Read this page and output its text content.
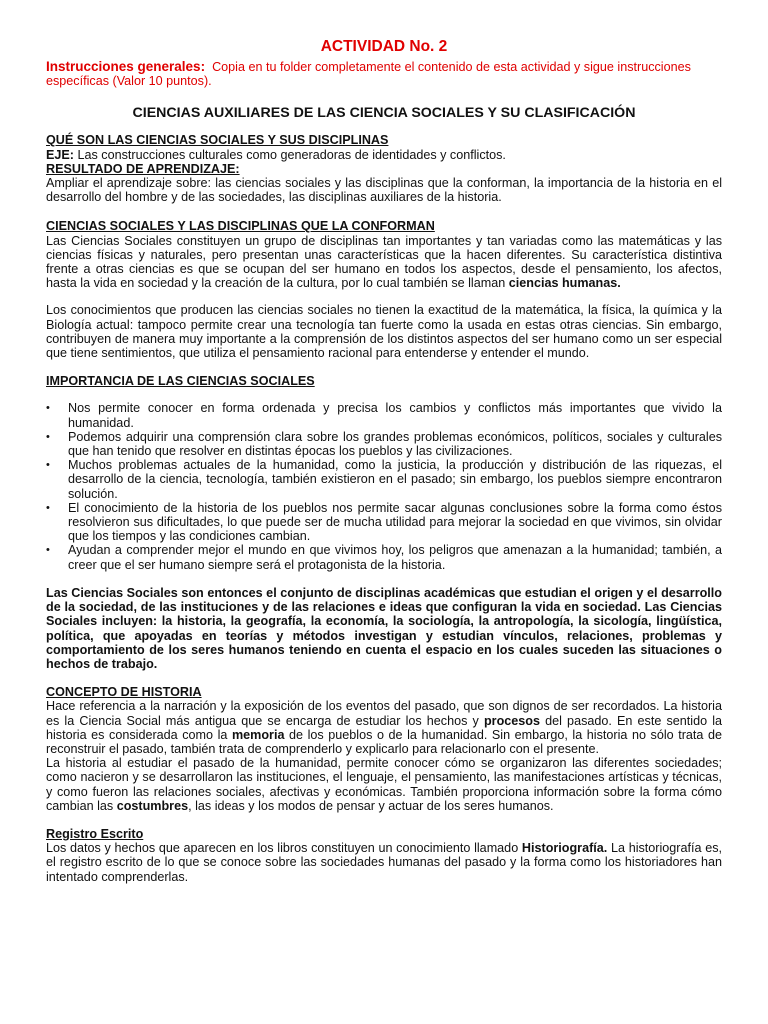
ACTIVIDAD No. 2

Instrucciones generales: Copia en tu folder completamente el contenido de esta actividad y sigue instrucciones específicas (Valor 10 puntos).

CIENCIAS AUXILIARES DE LAS CIENCIA SOCIALES Y SU CLASIFICACIÓN

QUÉ SON LAS CIENCIAS SOCIALES Y SUS DISCIPLINAS

EJE: Las construcciones culturales como generadoras de identidades y conflictos.

RESULTADO DE APRENDIZAJE:

Ampliar el aprendizaje sobre: las ciencias sociales y las disciplinas que la conforman, la importancia de la historia en el desarrollo del hombre y de las sociedades, las disciplinas auxiliares de la historia.

CIENCIAS SOCIALES Y LAS DISCIPLINAS QUE LA CONFORMAN

Las Ciencias Sociales constituyen un grupo de disciplinas tan importantes y tan variadas como las matemáticas y las ciencias físicas y naturales, pero presentan unas características que la hacen diferentes. Su característica distintiva frente a otras ciencias es que se ocupan del ser humano en todos los aspectos, desde el pensamiento, los afectos, hasta la vida en sociedad y la creación de la cultura, por lo cual también se llaman ciencias humanas.

Los conocimientos que producen las ciencias sociales no tienen la exactitud de la matemática, la física, la química y la Biología actual: tampoco permite crear una tecnología tan fuerte como la usada en estas otras ciencias. Sin embargo, contribuyen de manera muy importante a la comprensión de los distintos aspectos del ser humano como un ser especial que tiene sentimientos, que utiliza el pensamiento racional para entenderse y entender el mundo.

IMPORTANCIA DE LAS CIENCIAS SOCIALES

• Nos permite conocer en forma ordenada y precisa los cambios y conflictos más importantes que vivido la humanidad.
• Podemos adquirir una comprensión clara sobre los grandes problemas económicos, políticos, sociales y culturales que han tenido que resolver en distintas épocas los pueblos y las civilizaciones.
• Muchos problemas actuales de la humanidad, como la justicia, la producción y distribución de las riquezas, el desarrollo de la ciencia, tecnología, también existieron en el pasado; sin embargo, los pueblos siempre encontraron solución.
• El conocimiento de la historia de los pueblos nos permite sacar algunas conclusiones sobre la forma como éstos resolvieron sus dificultades, lo que puede ser de mucha utilidad para mejorar la sociedad en que vivimos, sin olvidar que los tiempos y las condiciones cambian.
• Ayudan a comprender mejor el mundo en que vivimos hoy, los peligros que amenazan a la humanidad; también, a creer que el ser humano siempre será el protagonista de la historia.

Las Ciencias Sociales son entonces el conjunto de disciplinas académicas que estudian el origen y el desarrollo de la sociedad, de las instituciones y de las relaciones e ideas que configuran la vida en sociedad. Las Ciencias Sociales incluyen: la historia, la geografía, la economía, la sociología, la antropología, la sicología, lingüística, política, que apoyadas en teorías y métodos investigan y estudian vínculos, relaciones, problemas y comportamiento de los seres humanos teniendo en cuenta el espacio en los cuales suceden las situaciones o hechos de trabajo.

CONCEPTO DE HISTORIA

Hace referencia a la narración y la exposición de los eventos del pasado, que son dignos de ser recordados. La historia es la Ciencia Social más antigua que se encarga de estudiar los hechos y procesos del pasado. En este sentido la historia es considerada como la memoria de los pueblos o de la humanidad. Sin embargo, la historia no sólo trata de reconstruir el pasado, también trata de comprenderlo y explicarlo para relacionarlo con el presente.

La historia al estudiar el pasado de la humanidad, permite conocer cómo se organizaron las diferentes sociedades; como nacieron y se desarrollaron las instituciones, el lenguaje, el pensamiento, las manifestaciones artísticas y técnicas, y como fueron las relaciones sociales, afectivas y económicas. También proporciona información sobre la forma cómo cambian las costumbres, las ideas y los modos de pensar y actuar de los seres humanos.

Registro Escrito

Los datos y hechos que aparecen en los libros constituyen un conocimiento llamado Historiografía. La historiografía es, el registro escrito de lo que se conoce sobre las sociedades humanas del pasado y la forma como los historiadores han intentado comprenderlas.
